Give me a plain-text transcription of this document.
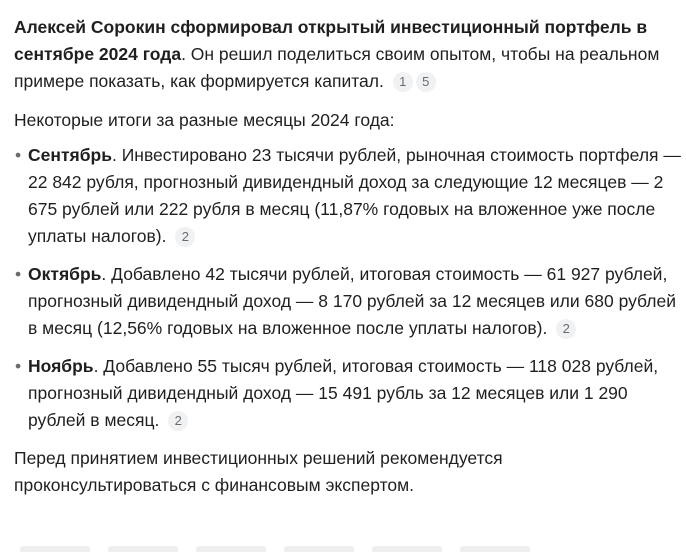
Алексей Сорокин сформировал открытый инвестиционный портфель в сентябре 2024 года. Он решил поделиться своим опытом, чтобы на реальном примере показать, как формируется капитал. 1 5

Некоторые итоги за разные месяцы 2024 года:

• Сентябрь. Инвестировано 23 тысячи рублей, рыночная стоимость портфеля — 22 842 рубля, прогнозный дивидендный доход за следующие 12 месяцев — 2 675 рублей или 222 рубля в месяц (11,87% годовых на вложенное уже после уплаты налогов). 2
• Октябрь. Добавлено 42 тысячи рублей, итоговая стоимость — 61 927 рублей, прогнозный дивидендный доход — 8 170 рублей за 12 месяцев или 680 рублей в месяц (12,56% годовых на вложенное после уплаты налогов). 2
• Ноябрь. Добавлено 55 тысяч рублей, итоговая стоимость — 118 028 рублей, прогнозный дивидендный доход — 15 491 рубль за 12 месяцев или 1 290 рублей в месяц. 2

Перед принятием инвестиционных решений рекомендуется проконсультироваться с финансовым экспертом.
